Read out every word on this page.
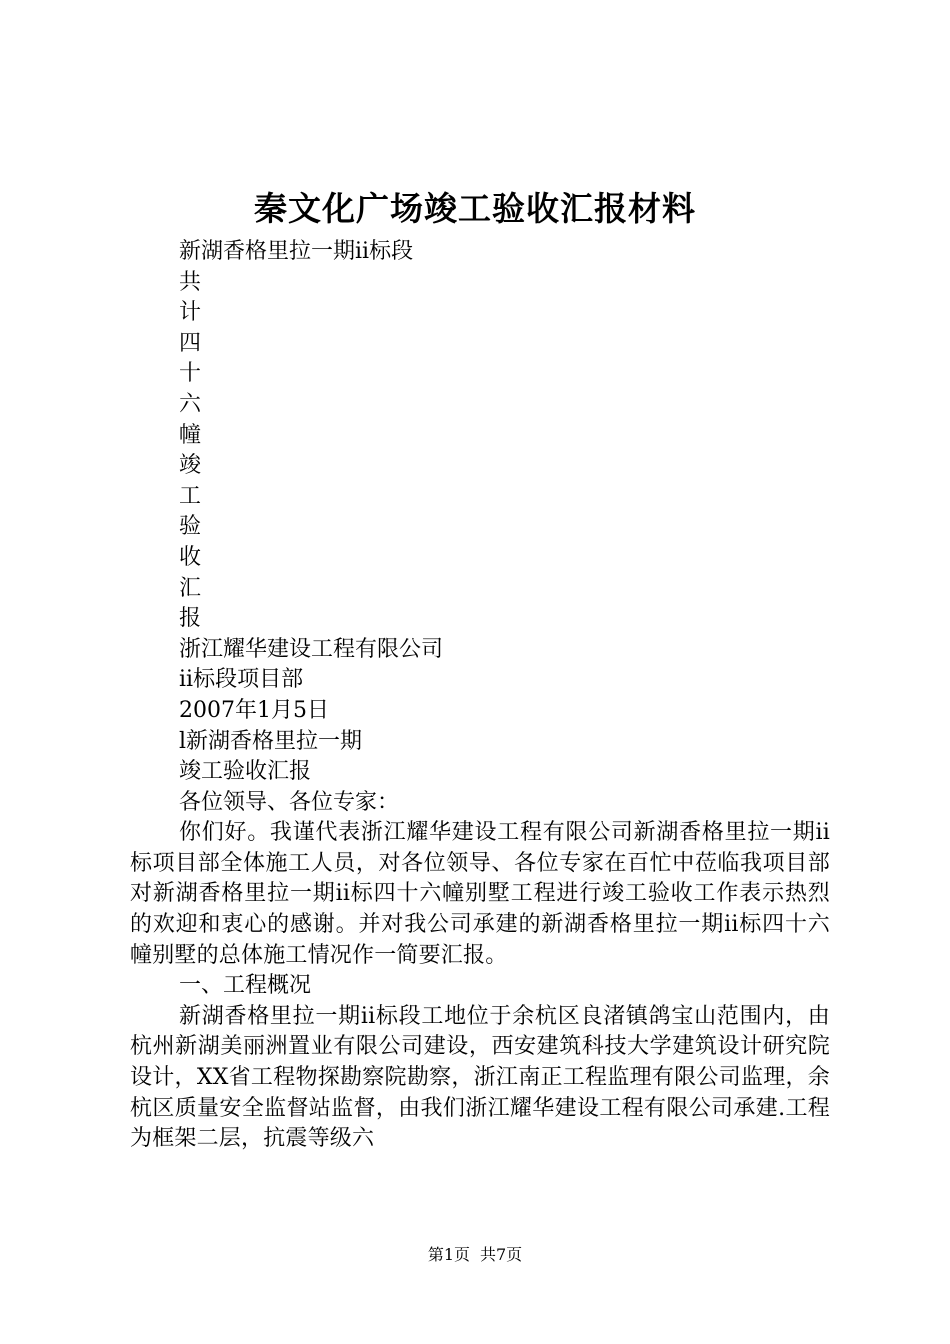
秦文化广场竣工验收汇报材料
新湖香格里拉一期ii标段
共
计
四
十
六
幢
竣
工
验
收
汇
报
浙江耀华建设工程有限公司
ii标段项目部
2007年1月5日
l新湖香格里拉一期
竣工验收汇报
各位领导、各位专家：

你们好。我谨代表浙江耀华建设工程有限公司新湖香格里拉一期ii标项目部全体施工人员，对各位领导、各位专家在百忙中莅临我项目部对新湖香格里拉一期ii标四十六幢别墅工程进行竣工验收工作表示热烈的欢迎和衷心的感谢。并对我公司承建的新湖香格里拉一期ii标四十六幢别墅的总体施工情况作一简要汇报。

一、工程概况

新湖香格里拉一期ii标段工地位于余杭区良渚镇鸽宝山范围内，由杭州新湖美丽洲置业有限公司建设，西安建筑科技大学建筑设计研究院设计，XX省工程物探勘察院勘察，浙江南正工程监理有限公司监理，余杭区质量安全监督站监督，由我们浙江耀华建设工程有限公司承建.工程为框架二层，抗震等级六

第1页 共7页
